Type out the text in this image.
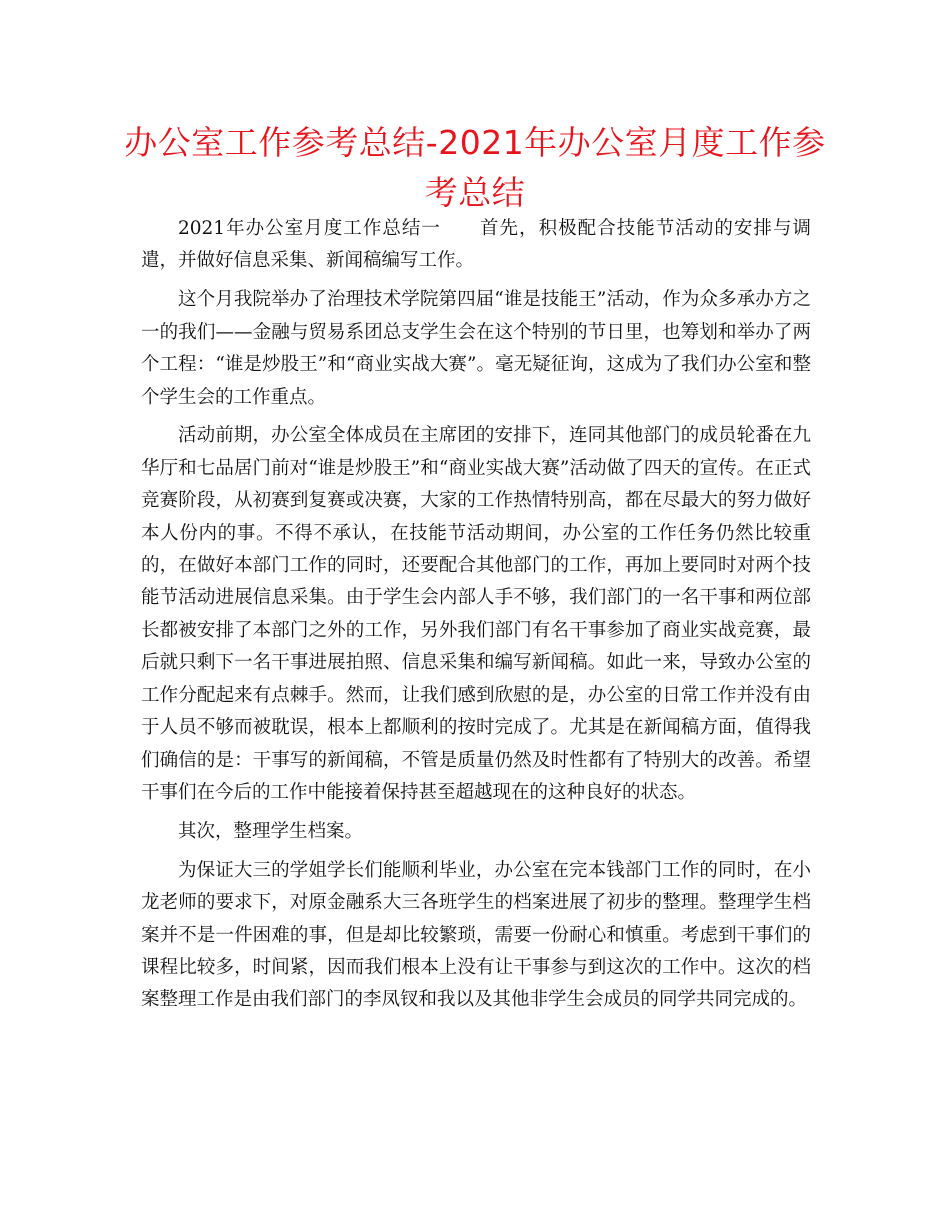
办公室工作参考总结-2021年办公室月度工作参考总结

2021年办公室月度工作总结一 首先，积极配合技能节活动的安排与调遣，并做好信息采集、新闻稿编写工作。

这个月我院举办了治理技术学院第四届“谁是技能王”活动，作为众多承办方之一的我们——金融与贸易系团总支学生会在这个特别的节日里，也筹划和举办了两个工程：“谁是炒股王”和“商业实战大赛”。毫无疑征询，这成为了我们办公室和整个学生会的工作重点。

活动前期，办公室全体成员在主席团的安排下，连同其他部门的成员轮番在九华厅和七品居门前对“谁是炒股王”和“商业实战大赛”活动做了四天的宣传。在正式竞赛阶段，从初赛到复赛或决赛，大家的工作热情特别高，都在尽最大的努力做好本人份内的事。不得不承认，在技能节活动期间，办公室的工作任务仍然比较重的，在做好本部门工作的同时，还要配合其他部门的工作，再加上要同时对两个技能节活动进展信息采集。由于学生会内部人手不够，我们部门的一名干事和两位部长都被安排了本部门之外的工作，另外我们部门有名干事参加了商业实战竞赛，最后就只剩下一名干事进展拍照、信息采集和编写新闻稿。如此一来，导致办公室的工作分配起来有点棘手。然而，让我们感到欣慰的是，办公室的日常工作并没有由于人员不够而被耽误，根本上都顺利的按时完成了。尤其是在新闻稿方面，值得我们确信的是：干事写的新闻稿，不管是质量仍然及时性都有了特别大的改善。希望干事们在今后的工作中能接着保持甚至超越现在的这种良好的状态。

其次，整理学生档案。

为保证大三的学姐学长们能顺利毕业，办公室在完本钱部门工作的同时，在小龙老师的要求下，对原金融系大三各班学生的档案进展了初步的整理。整理学生档案并不是一件困难的事，但是却比较繁琐，需要一份耐心和慎重。考虑到干事们的课程比较多，时间紧，因而我们根本上没有让干事参与到这次的工作中。这次的档案整理工作是由我们部门的李凤钗和我以及其他非学生会成员的同学共同完成的。
